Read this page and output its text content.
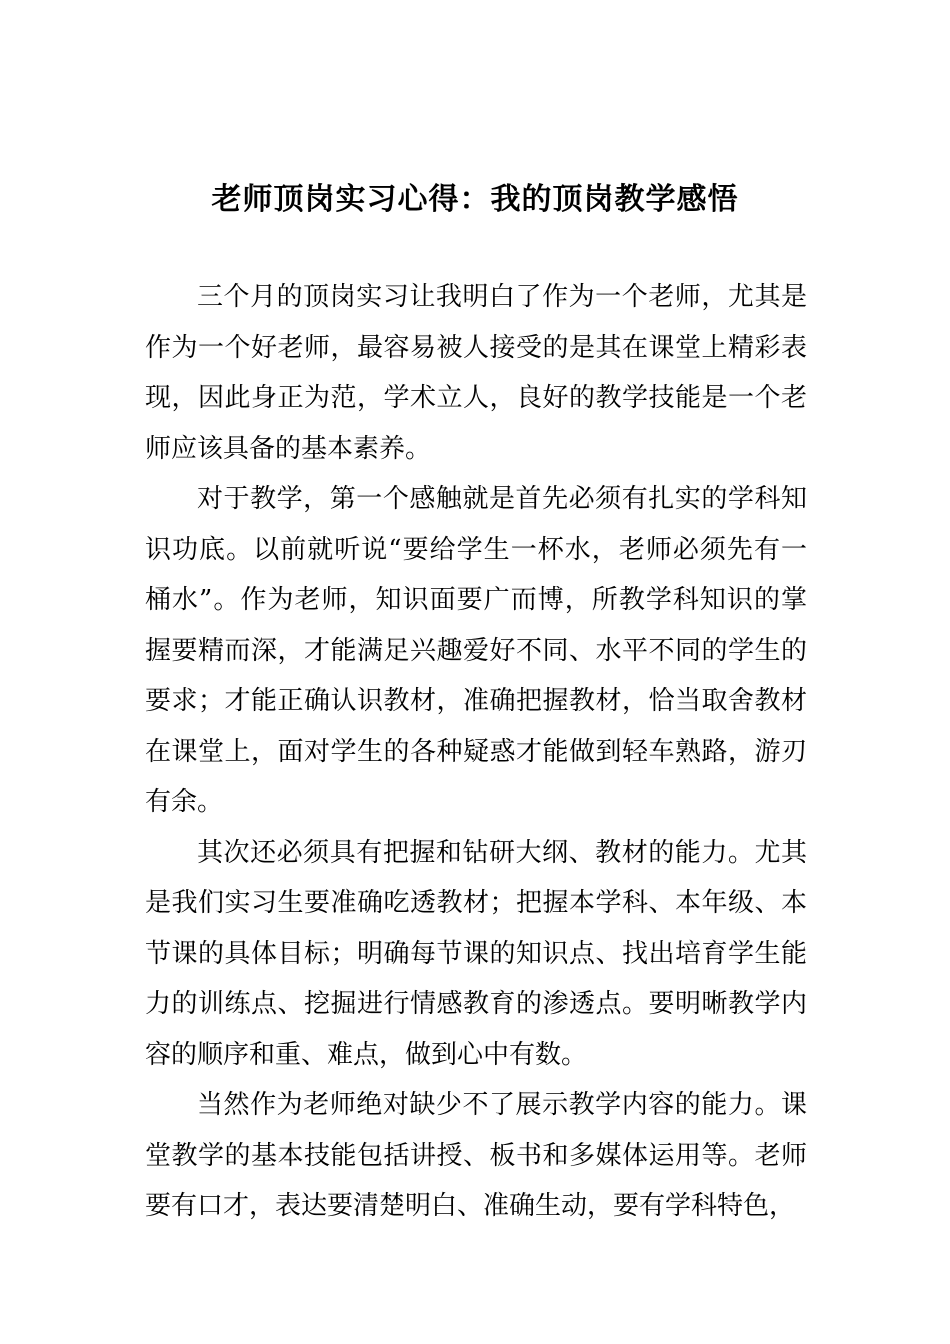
老师顶岗实习心得：我的顶岗教学感悟

三个月的顶岗实习让我明白了作为一个老师，尤其是作为一个好老师，最容易被人接受的是其在课堂上精彩表现，因此身正为范，学术立人，良好的教学技能是一个老师应该具备的基本素养。

对于教学，第一个感触就是首先必须有扎实的学科知识功底。以前就听说“要给学生一杯水，老师必须先有一桶水”。作为老师，知识面要广而博，所教学科知识的掌握要精而深，才能满足兴趣爱好不同、水平不同的学生的要求；才能正确认识教材，准确把握教材，恰当取舍教材在课堂上，面对学生的各种疑惑才能做到轻车熟路，游刃有余。

其次还必须具有把握和钻研大纲、教材的能力。尤其是我们实习生要准确吃透教材；把握本学科、本年级、本节课的具体目标；明确每节课的知识点、找出培育学生能力的训练点、挖掘进行情感教育的渗透点。要明晰教学内容的顺序和重、难点，做到心中有数。

当然作为老师绝对缺少不了展示教学内容的能力。课堂教学的基本技能包括讲授、板书和多媒体运用等。老师要有口才，表达要清楚明白、准确生动，要有学科特色，
